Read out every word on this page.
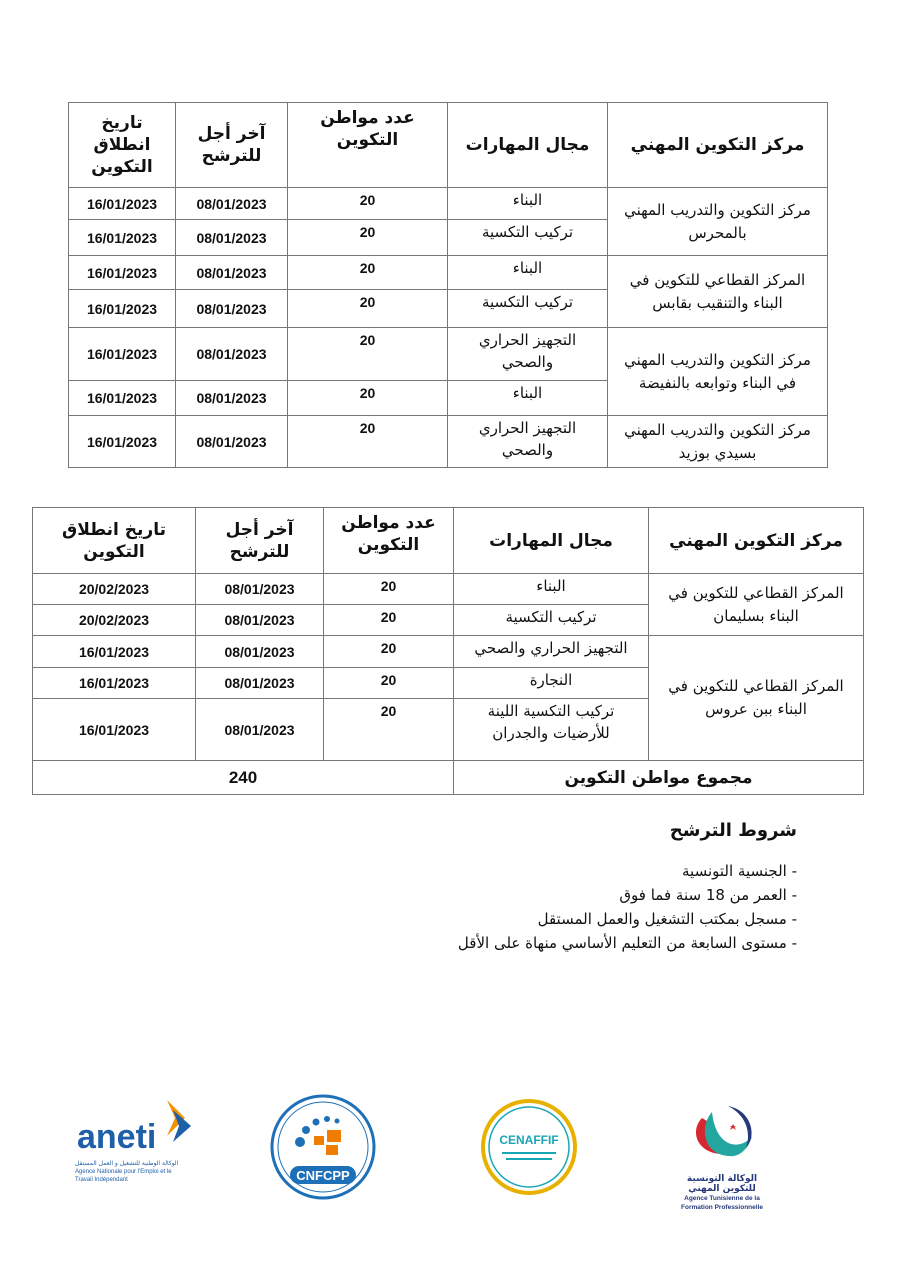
مركز التكوين المهني	مجال المهارات	عدد مواطن التكوين	آخر أجل للترشح	تاريخ انطلاق التكوين
مركز التكوين والتدريب المهني بالمحرس	البناء	20	08/01/2023	16/01/2023
	تركيب التكسية	20	08/01/2023	16/01/2023
المركز القطاعي للتكوين في البناء والتنقيب بقابس	البناء	20	08/01/2023	16/01/2023
	تركيب التكسية	20	08/01/2023	16/01/2023
مركز التكوين والتدريب المهني في البناء وتوابعه بالنفيضة	التجهيز الحراري والصحي	20	08/01/2023	16/01/2023
	البناء	20	08/01/2023	16/01/2023
مركز التكوين والتدريب المهني بسيدي بوزيد	التجهيز الحراري والصحي	20	08/01/2023	16/01/2023
مركز التكوين المهني	مجال المهارات	عدد مواطن التكوين	آخر أجل للترشح	تاريخ انطلاق التكوين
المركز القطاعي للتكوين في البناء بسليمان	البناء	20	08/01/2023	20/02/2023
	تركيب التكسية	20	08/01/2023	20/02/2023
المركز القطاعي للتكوين في البناء ببن عروس	التجهيز الحراري والصحي	20	08/01/2023	16/01/2023
	النجارة	20	08/01/2023	16/01/2023
	تركيب التكسية اللينة للأرضيات والجدران	20	08/01/2023	16/01/2023
مجموع مواطن التكوين		240		
شروط الترشح
- الجنسية التونسية
- العمر من 18 سنة فما فوق
- مسجل بمكتب التشغيل والعمل المستقل
- مستوى السابعة من التعليم الأساسي منهاة على الأقل
aneti
الوكالة الوطنية للتشغيل و العمل المستقل
Agence Nationale pour l'Emploi et le Travail Indépendant	CNFCPP
CENAFFIF
الوكالة التونسية للتكوين المهني
Agence Tunisienne de la Formation Professionnelle
